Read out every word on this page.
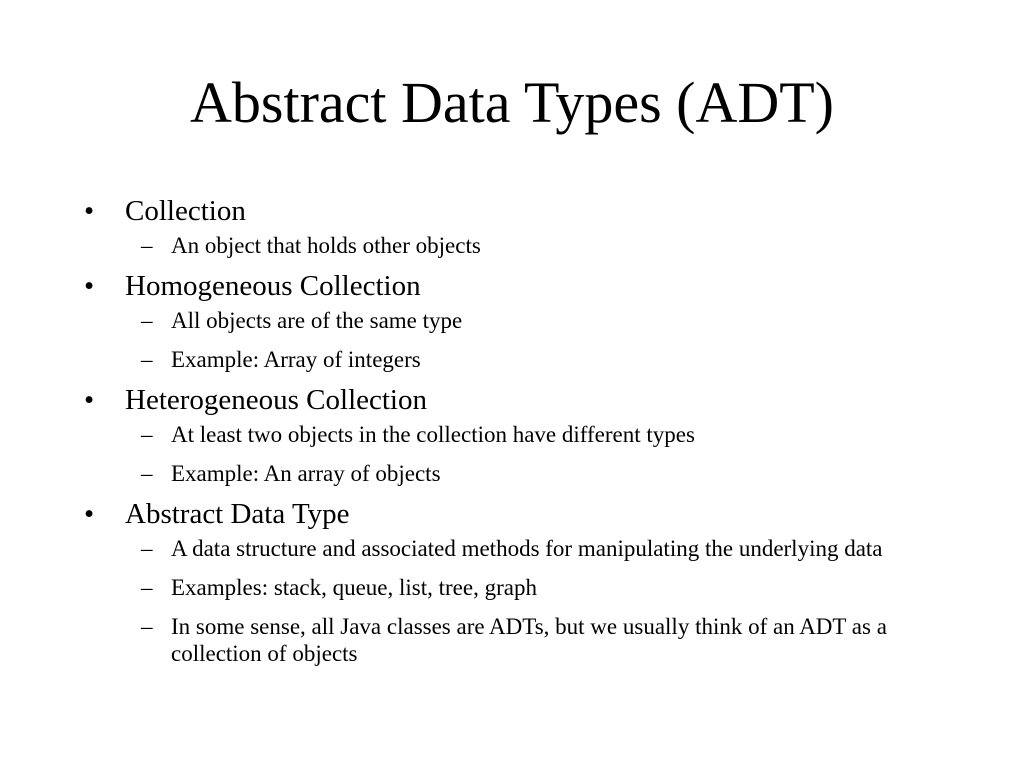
Abstract Data Types (ADT)
• Collection
– An object that holds other objects
• Homogeneous Collection
– All objects are of the same type
– Example: Array of integers
• Heterogeneous Collection
– At least two objects in the collection have different types
– Example: An array of objects
• Abstract Data Type
– A data structure and associated methods for manipulating the underlying data
– Examples: stack, queue, list, tree, graph
– In some sense, all Java classes are ADTs, but we usually think of an ADT as a collection of objects
